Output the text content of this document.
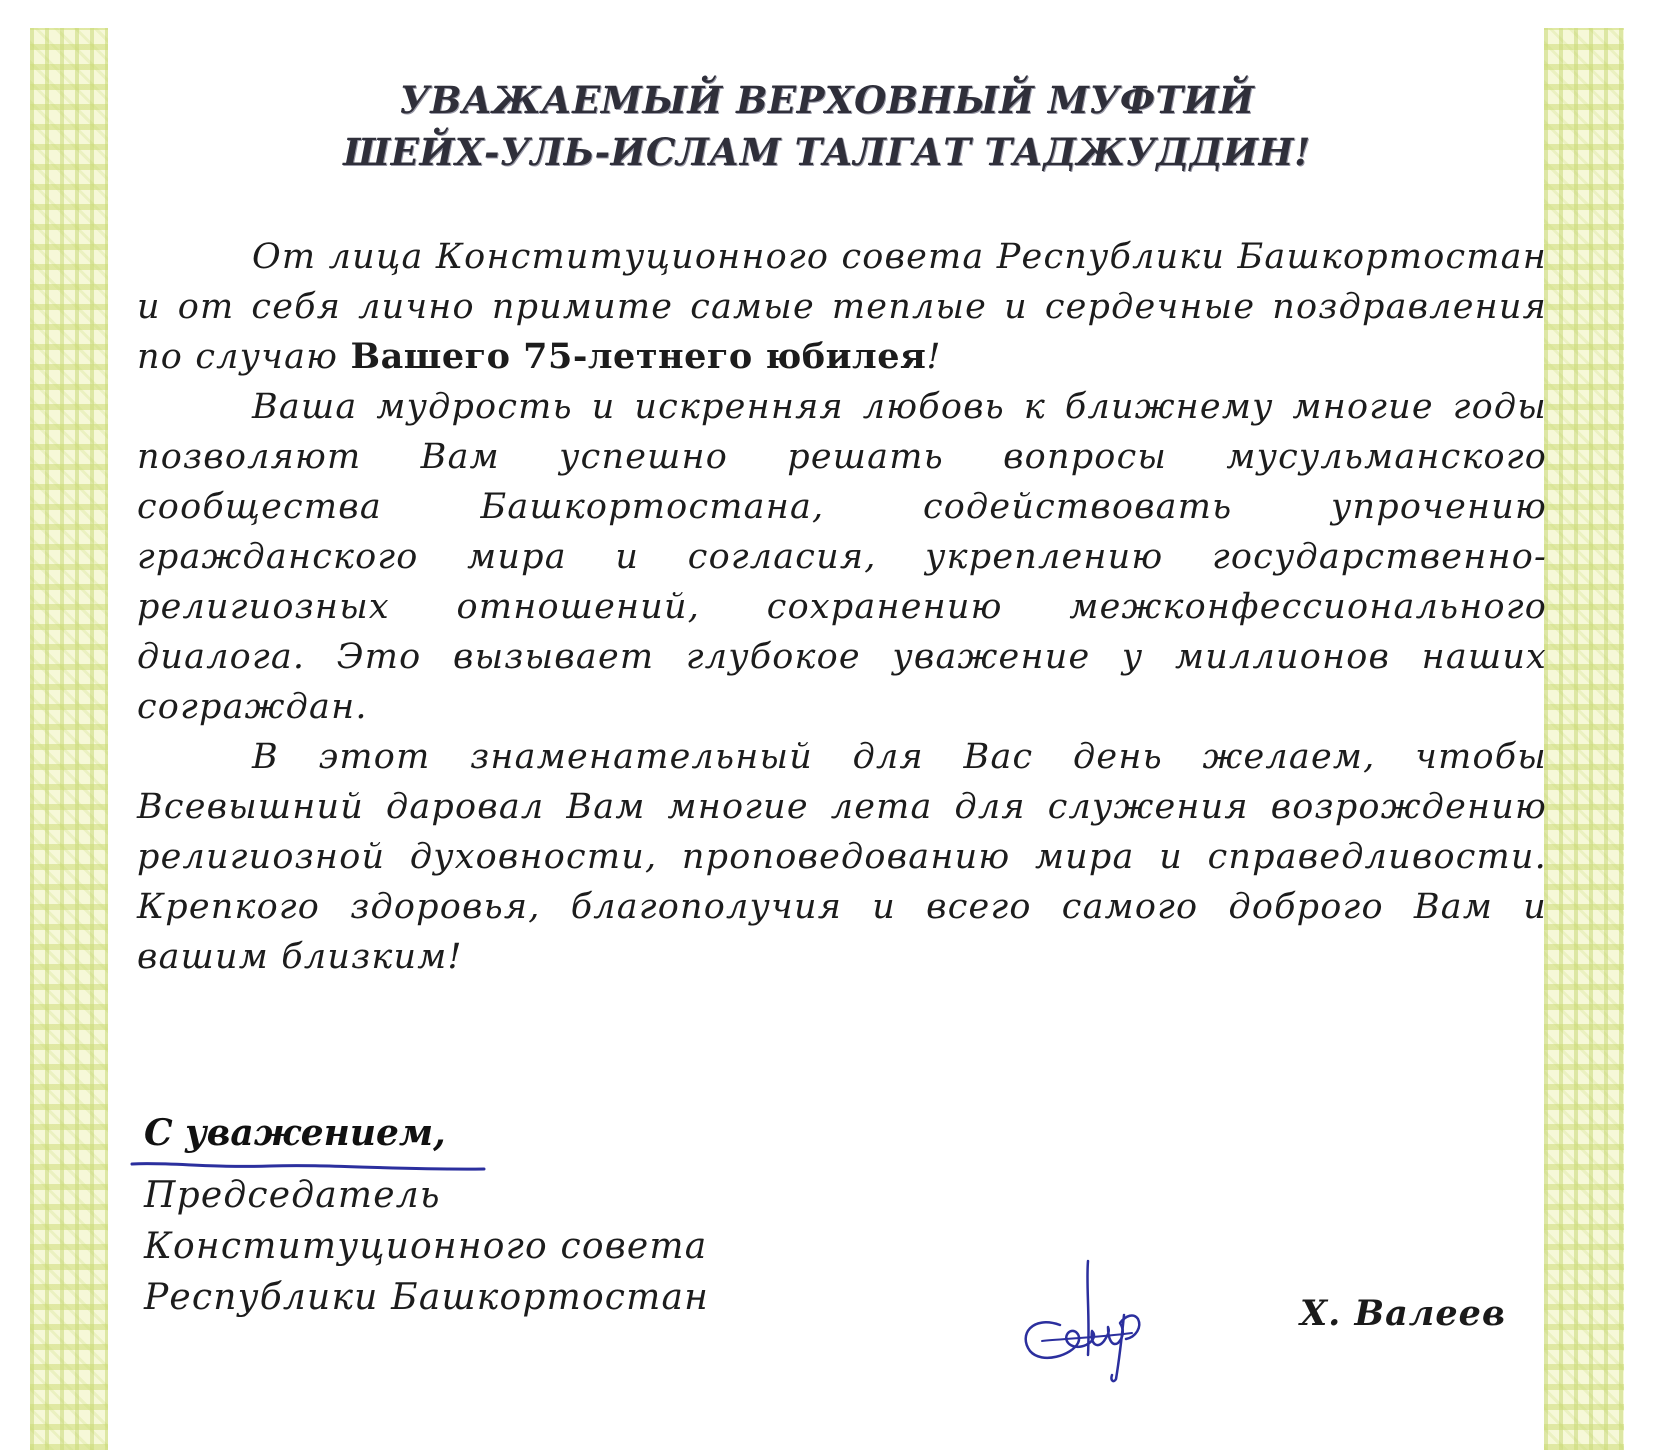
УВАЖАЕМЫЙ ВЕРХОВНЫЙ МУФТИЙ
ШЕЙХ-УЛЬ-ИСЛАМ ТАЛГАТ ТАДЖУДДИН!

От лица Конституционного совета Республики Башкортостан и от себя лично примите самые теплые и сердечные поздравления по случаю Вашего 75-летнего юбилея!

Ваша мудрость и искренняя любовь к ближнему многие годы позволяют Вам успешно решать вопросы мусульманского сообщества Башкортостана, содействовать упрочению гражданского мира и согласия, укреплению государственно-религиозных отношений, сохранению межконфессионального диалога. Это вызывает глубокое уважение у миллионов наших сограждан.

В этот знаменательный для Вас день желаем, чтобы Всевышний даровал Вам многие лета для служения возрождению религиозной духовности, проповедованию мира и справедливости. Крепкого здоровья, благополучия и всего самого доброго Вам и вашим близким!

С уважением,
Председатель
Конституционного совета
Республики Башкортостан	Х. Валеев
